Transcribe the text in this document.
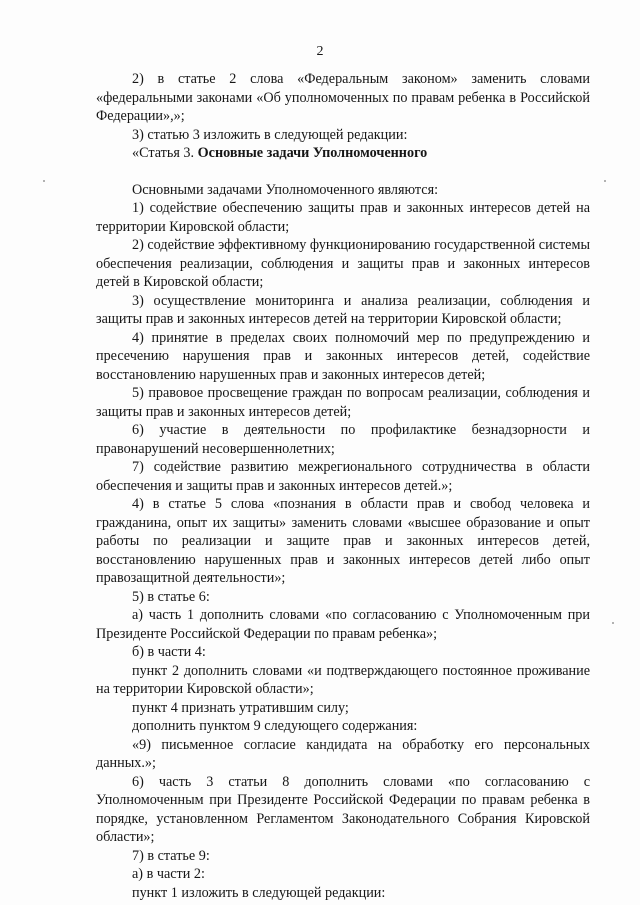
2

2) в статье 2 слова «Федеральным законом» заменить словами «федеральными законами «Об уполномоченных по правам ребенка в Российской Федерации»,»;

3) статью 3 изложить в следующей редакции:

«Статья 3. Основные задачи Уполномоченного

Основными задачами Уполномоченного являются:

1) содействие обеспечению защиты прав и законных интересов детей на территории Кировской области;

2) содействие эффективному функционированию государственной системы обеспечения реализации, соблюдения и защиты прав и законных интересов детей в Кировской области;

3) осуществление мониторинга и анализа реализации, соблюдения и защиты прав и законных интересов детей на территории Кировской области;

4) принятие в пределах своих полномочий мер по предупреждению и пресечению нарушения прав и законных интересов детей, содействие восстановлению нарушенных прав и законных интересов детей;

5) правовое просвещение граждан по вопросам реализации, соблюдения и защиты прав и законных интересов детей;

6) участие в деятельности по профилактике безнадзорности и правонарушений несовершеннолетних;

7) содействие развитию межрегионального сотрудничества в области обеспечения и защиты прав и законных интересов детей.»;

4) в статье 5 слова «познания в области прав и свобод человека и гражданина, опыт их защиты» заменить словами «высшее образование и опыт работы по реализации и защите прав и законных интересов детей, восстановлению нарушенных прав и законных интересов детей либо опыт правозащитной деятельности»;

5) в статье 6:

а) часть 1 дополнить словами «по согласованию с Уполномоченным при Президенте Российской Федерации по правам ребенка»;

б) в части 4:

пункт 2 дополнить словами «и подтверждающего постоянное проживание на территории Кировской области»;

пункт 4 признать утратившим силу;

дополнить пунктом 9 следующего содержания:

«9) письменное согласие кандидата на обработку его персональных данных.»;

6) часть 3 статьи 8 дополнить словами «по согласованию с Уполномоченным при Президенте Российской Федерации по правам ребенка в порядке, установленном Регламентом Законодательного Собрания Кировской области»;

7) в статье 9:

а) в части 2:

пункт 1 изложить в следующей редакции:
